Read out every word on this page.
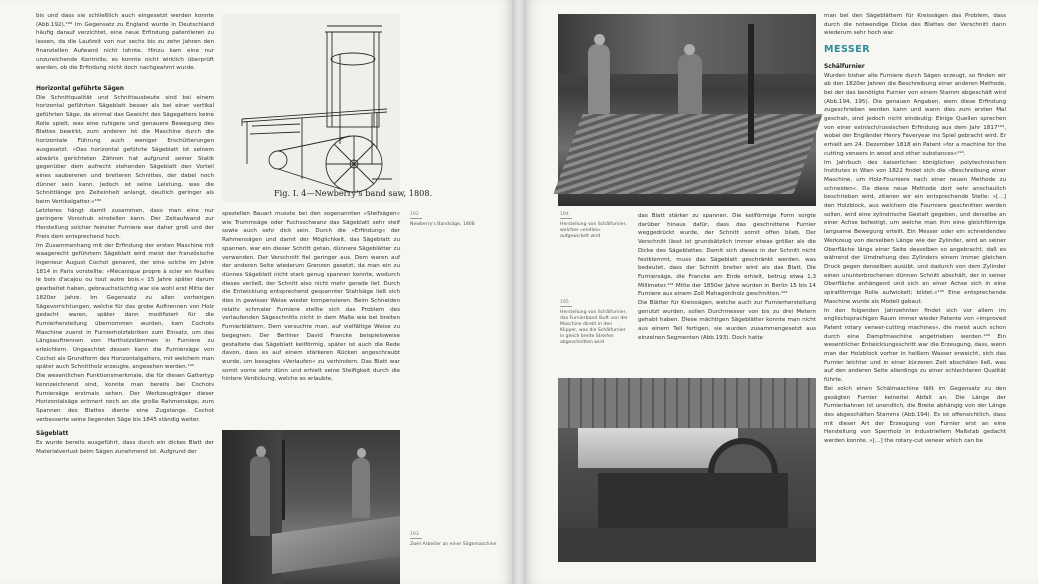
bis und dass sie schließlich auch eingesetzt werden konnte (Abb.192).¹⁸⁸ Im Gegensatz zu England wurde in Deutschland häufig darauf verzichtet, eine neue Erfindung patentieren zu lassen, da die Laufzeit von nur sechs bis zu zehn Jahren den finanziellen Aufwand nicht lohnte. Hinzu kam eine nur unzureichende Kontrolle; es konnte nicht wirklich überprüft werden, ob die Erfindung nicht doch nachgeahmt wurde.

Horizontal geführte Sägen

Die Schnittqualität und Schnittausbeute sind bei einem horizontal geführten Sägeblatt besser als bei einer vertikal geführten Säge, da einmal das Gewicht des Sägegatters keine Rolle spielt, was eine ruhigere und genauere Bewegung des Blattes bewirkt, zum anderen ist die Maschine durch die horizontale Führung auch weniger Erschütterungen ausgesetzt. »Das horizontal geführte Sägeblatt ist seinem abwärts gerichteten Zähnen hat aufgrund seiner Statik gegenüber dem aufrecht stehenden Sägeblatt den Vorteil eines saubereren und breiteren Schnittes, der dabei noch dünner sein kann. Jedoch ist seine Leistung, was die Schnittlänge pro Zeiteinheit anlangt, deutlich geringer als beim Vertikalgatter.«¹⁸⁹

Letzteres hängt damit zusammen, dass man eine nur geringere Vorschub einstellen kann. Der Zeitaufwand zur Herstellung solcher feinster Furniere war daher groß und der Preis dem entsprechend hoch.

Im Zusammenhang mit der Erfindung der ersten Maschine mit waagerecht geführtem Sägeblatt wird meist der französische Ingenieur August Cochot genannt, der eine solche im Jahre 1814 in Paris vorstellte: »Mécanique propre à scier en feuilles le bois d'acajou ou tout autre bois.« 15 Jahre später darum gearbeitet haben, gebrauchstüchtig war sie wohl erst Mitte der 1820er Jahre. Im Gegensatz zu allen vorherigen Sägevorrichtungen, welche für das grobe Auftrennen von Holz gedacht waren, später dann modifiziert für die Furnierherstellung übernommen wurden, kam Cochots Maschine zuerst in Furnierholzfabriken zum Einsatz, um das Längsauftrennen von Hartholzstämmen in Furniere zu erleichtern. Ungeachtet dessen kann die Furniersäge von Cochot als Grundform des Horizontalgatters, mit welchem man später auch Schnittholz erzeugte, angesehen werden.¹⁹⁰

Die wesentlichen Funktionsmerkmale, die für diesen Gattertyp kennzeichnend sind, konnte man bereits bei Cochots Furniersäge erstmals sehen. Der Werkzeugträger dieser Horizontalsäge erinnert noch an die große Rahmensäge, zum Spannen des Blattes diente eine Zugstange. Cochot verbesserte seine liegenden Säge bis 1845 ständig weiter.

Sägeblatt

Es wurde bereits ausgeführt, dass durch ein dickes Blatt der Materialverlust beim Sägen zunehmend ist. Aufgrund der

Fig. I. 4—Newberry's band saw, 1808.
192
Newberry's Bandsäge, 1808

speziellen Bauart musste bei den sogenannten »Steifsägen« wie Trummsäge oder Fuchsschwanz das Sägeblatt sehr steif sowie auch sehr dick sein. Durch die »Erfindung« der Rahmensägen und damit der Möglichkeit, das Sägeblatt zu spannen, war ein dieser Schritt getan, dünnere Sägeblätter zu verwenden. Der Verschnitt fiel geringer aus. Dem waren auf der anderen Seite wiederum Grenzen gesetzt, da man ein zu dünnes Sägeblatt nicht stark genug spannen konnte, wodurch dieses verließ, der Schnitt also nicht mehr gerade lief. Durch die Entwicklung entsprechend gespannter Stahlsäge ließ sich dies in gewisser Weise wieder kompensieren. Beim Schneiden relativ schmaler Furniere stellte sich das Problem des verlaufenden Sägeschnitts nicht in dem Maße wie bei breiten Furnierblättern. Dem versuchte man, auf vielfältige Weise zu begegnen. Der Berliner David Francke beispielsweise gestaltete das Sägeblatt keilförmig, später ist auch die Rede davon, dass es auf einem stärkeren Rücken angeschraubt wurde, um besagtes »Verlaufen« zu verhindern. Das Blatt war somit vorne sehr dünn und erhielt seine Steifigkeit durch die hintere Verdickung, welche es erlaubte,

193
Zwei Arbeiter an einer Sägemaschine
194
Herstellung von Schälfurnier, welches »endlos« aufgewickelt wird
195
Herstellung von Schälfurnier, das Furnierband läuft von der Maschine direkt in den Klipper, was die Schälfurnier in gleich breite Streifen abgeschnitten wird

das Blatt stärker zu spannen. Die keilförmige Form sorgte darüber hinaus dafür, dass das geschnittene Furnier weggedrückt wurde, der Schnitt somit offen blieb. Der Verschnitt lässt ist grundsätzlich immer etwas größer als die Dicke des Sägeblattes: Damit sich dieses in der Schnitt nicht festklemmt, muss das Sägeblatt geschränkt werden. was bedeutet, dass der Schnitt breiter wird als das Blatt. Die Furniersäge, die Francke am Ende erhielt, betrug etwa 1,3 Millimeter.¹⁹¹ Mitte der 1850er Jahre wurden in Berlin 15 bis 14 Furniere aus einem Zoll Mahagoniholz geschnitten.¹⁹²

Die Blätter für Kreissägen, welche auch zur Furnierherstellung genutzt wurden, sollen Durchmesser von bis zu drei Metern gehabt haben. Diese mächtigen Sägeblätter konnte man nicht aus einem Teil fertigen, sie wurden zusammengesetzt aus einzelnen Segmenten (Abb.193). Doch hatte

man bei den Sägeblättern für Kreissägen das Problem, dass durch die notwendige Dicke des Blattes der Verschnitt dann wiederum sehr hoch war.

MESSER
Schälfurnier

Wurden bisher alle Furniere durch Sägen erzeugt, so finden wir ab den 1820er Jahren die Beschreibung einer anderen Methode, bei der das benötigte Furnier von einem Stamm abgeschält wird (Abb.194, 195). Die genauen Angaben, wem diese Erfindung zugeschrieben werden kann und wann dies zum ersten Mal geschah, sind jedoch nicht eindeutig: Einige Quellen sprechen von einer estnisch/russischen Erfindung aus dem Jahr 1817¹⁹³, wobei der Engländer Henry Faveryear ins Spiel gebracht wird. Er erhielt am 24. Dezember 1818 ein Patent »for a machine for the cutting veneers in wood and other substances«¹⁹⁴.

Im Jahrbuch des kaiserlichen königlichen polytechnischen Institutes in Wien von 1822 findet sich die »Beschreibung einer Maschine, um Holz-Fourniere nach einer neuen Methode zu schneiden«. Da diese neue Methode dort sehr anschaulich beschrieben wird, zitieren wir ein entsprechende Stelle: »[…] den Holzblock, aus welchem die Fourniere geschnitten werden sollen, wird eine zylindrische Gestalt gegeben, und derselbe an einer Achse befestigt, um welche man ihm eine gleichförmige langsame Bewegung erteilt. Ein Messer oder ein schneidendes Werkzeug von derselben Länge wie der Zylinder, wird an seiner Oberfläche längs einer Seite desselben so angebracht, daß es während der Umdrehung des Zylinders einem immer gleichen Druck gegen denselben ausübt, und dadurch von dem Zylinder einen ununterbrochenen dünnen Schnitt abschält, der in seiner Oberfläche anhängend und sich an einer Achse sich in eine spiralförmige Rolle aufwickelt; bildet.«¹⁹⁵ Eine entsprechende Maschine wurde als Modell gebaut.

In den folgenden Jahrzehnten findet sich vor allem im englischsprachigen Raum immer wieder Patente von »improved Patent rotary veneer-cutting machines«, die meist auch schon durch eine Dampfmaschine angetrieben werden.¹⁹⁶ Ein wesentlicher Entwicklungsschritt war die Erzeugung, dass, wenn man der Holzblock vorher in heißem Wasser erweicht, sich das Furnier leichter und in einer kürzeren Zeit abschälen ließ, was auf den anderen Seite allerdings zu einer schlechteren Qualität führte.

Bei solch einen Schälmaschine fällt im Gegensatz zu den gesägten Furnier keinerlei Abfall an. Die Länge der Furnierbahnen ist unendlich, die Breite abhängig von der Länge des abgeschälten Stamms (Abb.194). Es ist offensichtlich, dass mit dieser Art der Erzeugung von Furnier erst an eine Herstellung von Sperrholz in industriellem Maßstab gedacht werden konnte. »[…] the rotary-cut veneer which can be
